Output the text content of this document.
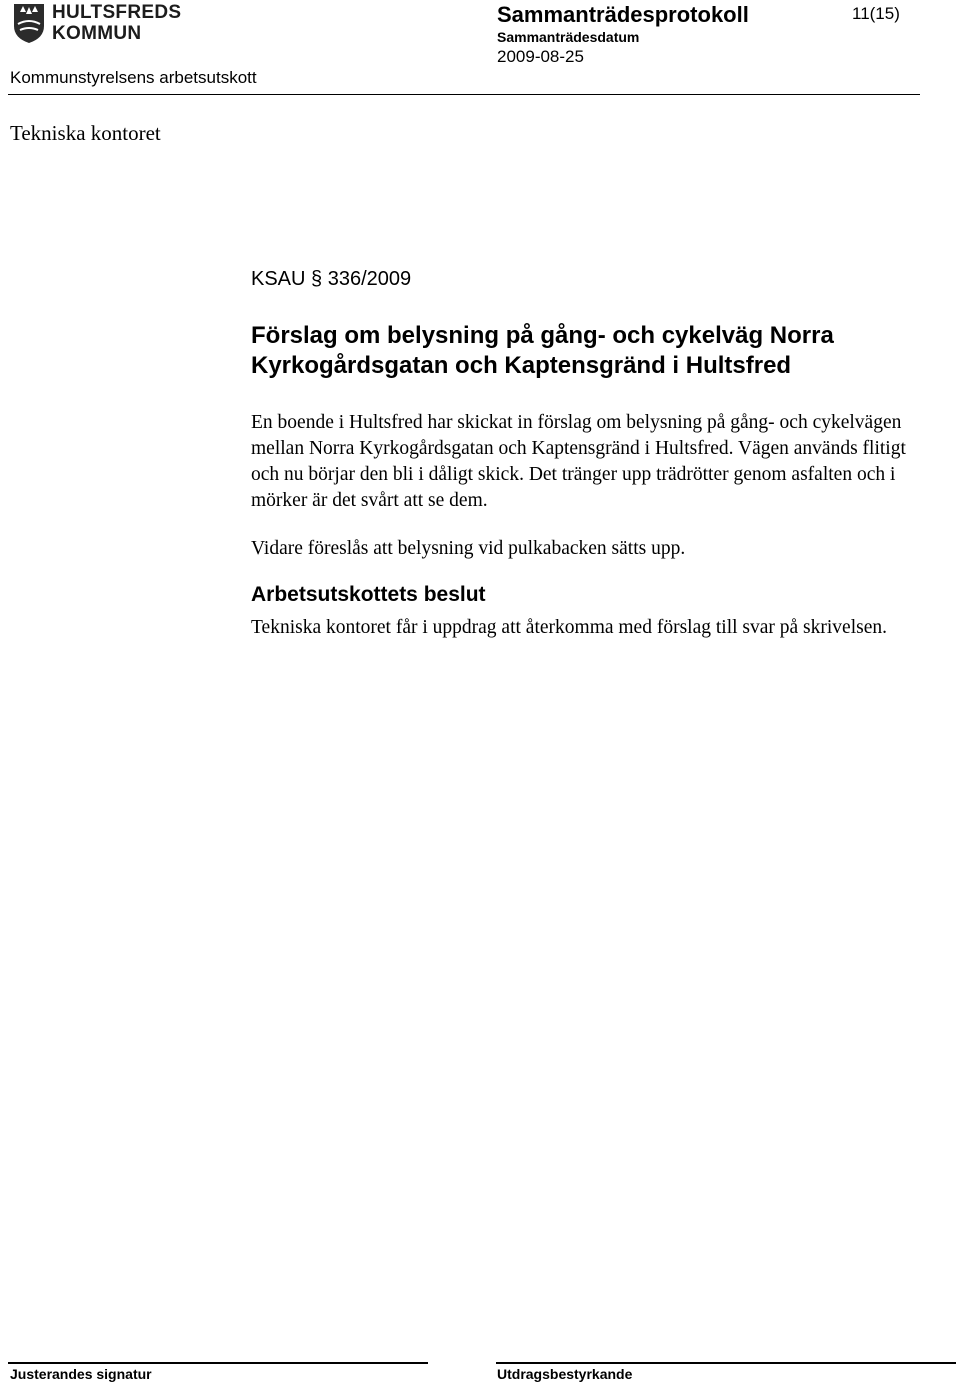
HULTSFREDS
KOMMUN
Sammanträdesprotokoll
Sammanträdesdatum
2009-08-25
11(15)
Kommunstyrelsens arbetsutskott
Tekniska kontoret
KSAU § 336/2009
Förslag om belysning på gång- och cykelväg Norra Kyrkogårdsgatan och Kaptensgränd i Hultsfred
En boende i Hultsfred har skickat in förslag om belysning på gång- och cykelvägen mellan Norra Kyrkogårdsgatan och Kaptensgränd i Hultsfred. Vägen används flitigt och nu börjar den bli i dåligt skick. Det tränger upp trädrötter genom asfalten och i mörker är det svårt att se dem.
Vidare föreslås att belysning vid pulkabacken sätts upp.
Arbetsutskottets beslut
Tekniska kontoret får i uppdrag att återkomma med förslag till svar på skrivelsen.
Justerandes signatur	Utdragsbestyrkande
